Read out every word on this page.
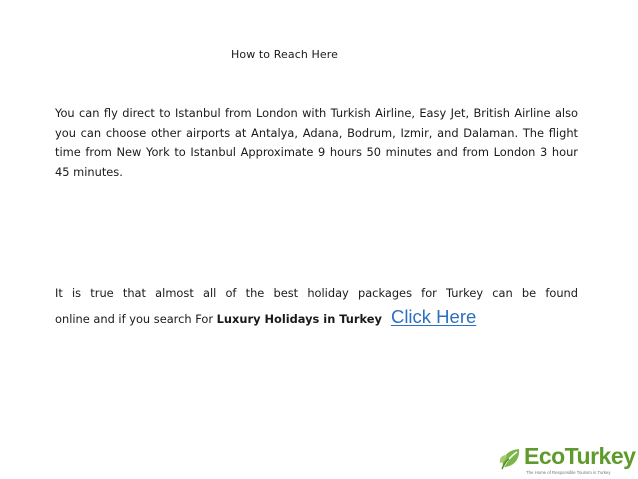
How to Reach Here
You can fly direct to Istanbul from London with Turkish Airline, Easy Jet, British Airline also you can choose other airports at Antalya, Adana, Bodrum, Izmir, and Dalaman. The flight time from New York to Istanbul Approximate 9 hours 50 minutes and from London 3 hour 45 minutes.
It is true that almost all of the best holiday packages for Turkey can be found
online and if you search For Luxury Holidays in Turkey Click Here
EcoTurkey
The Home of Responsible Tourism in Turkey
